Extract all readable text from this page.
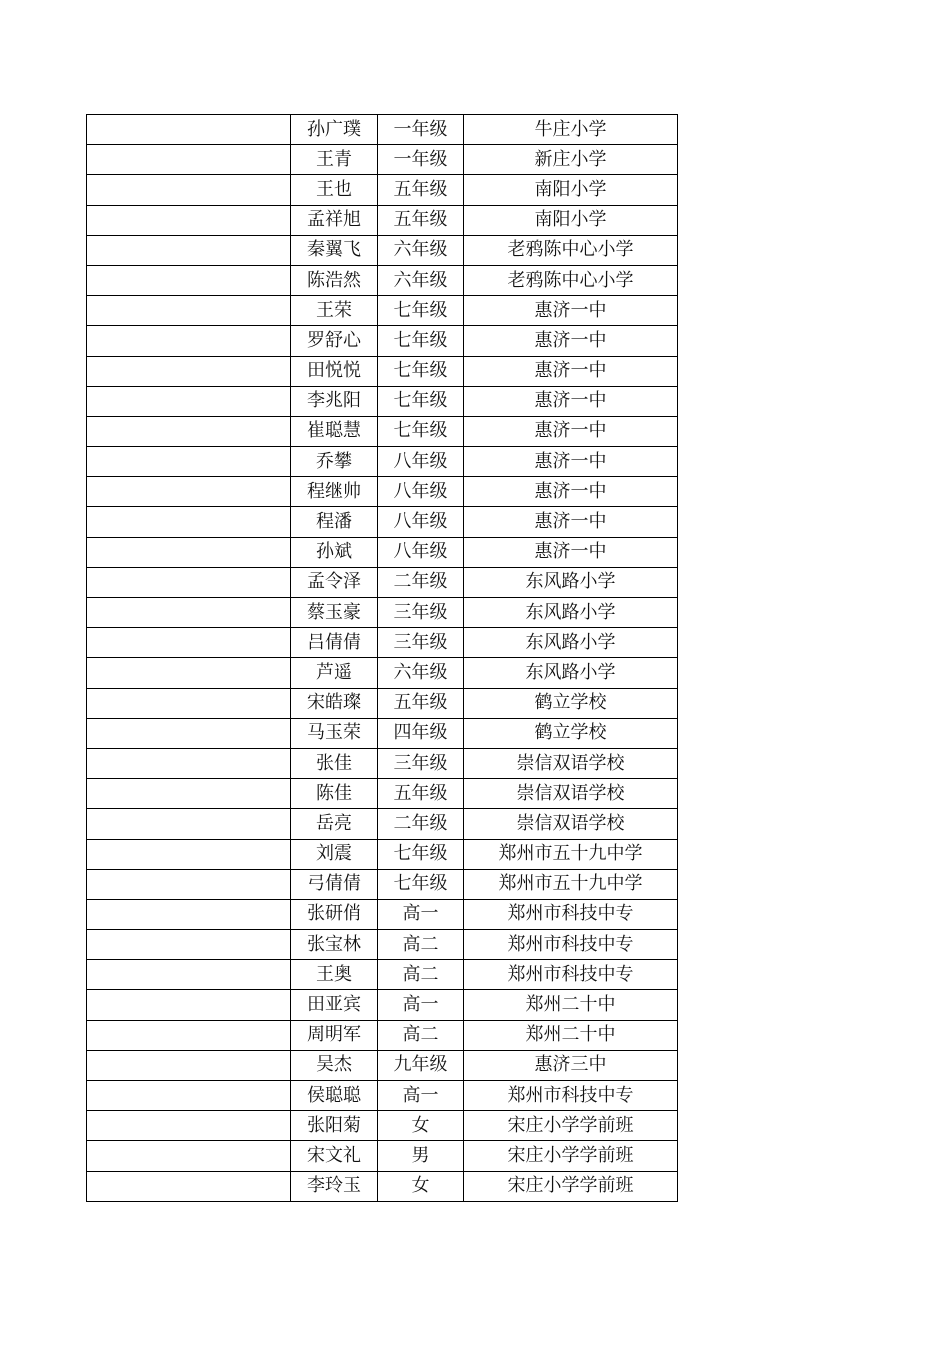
	孙广璞	一年级	牛庄小学
	王青	一年级	新庄小学
	王也	五年级	南阳小学
	孟祥旭	五年级	南阳小学
	秦翼飞	六年级	老鸦陈中心小学
	陈浩然	六年级	老鸦陈中心小学
	王荣	七年级	惠济一中
	罗舒心	七年级	惠济一中
	田悦悦	七年级	惠济一中
	李兆阳	七年级	惠济一中
	崔聪慧	七年级	惠济一中
	乔攀	八年级	惠济一中
	程继帅	八年级	惠济一中
	程潘	八年级	惠济一中
	孙斌	八年级	惠济一中
	孟令泽	二年级	东风路小学
	蔡玉豪	三年级	东风路小学
	吕倩倩	三年级	东风路小学
	芦遥	六年级	东风路小学
	宋皓璨	五年级	鹤立学校
	马玉荣	四年级	鹤立学校
	张佳	三年级	崇信双语学校
	陈佳	五年级	崇信双语学校
	岳亮	二年级	崇信双语学校
	刘震	七年级	郑州市五十九中学
	弓倩倩	七年级	郑州市五十九中学
	张研俏	高一	郑州市科技中专
	张宝林	高二	郑州市科技中专
	王奥	高二	郑州市科技中专
	田亚宾	高一	郑州二十中
	周明军	高二	郑州二十中
	吴杰	九年级	惠济三中
	侯聪聪	高一	郑州市科技中专
	张阳菊	女	宋庄小学学前班
	宋文礼	男	宋庄小学学前班
	李玲玉	女	宋庄小学学前班
